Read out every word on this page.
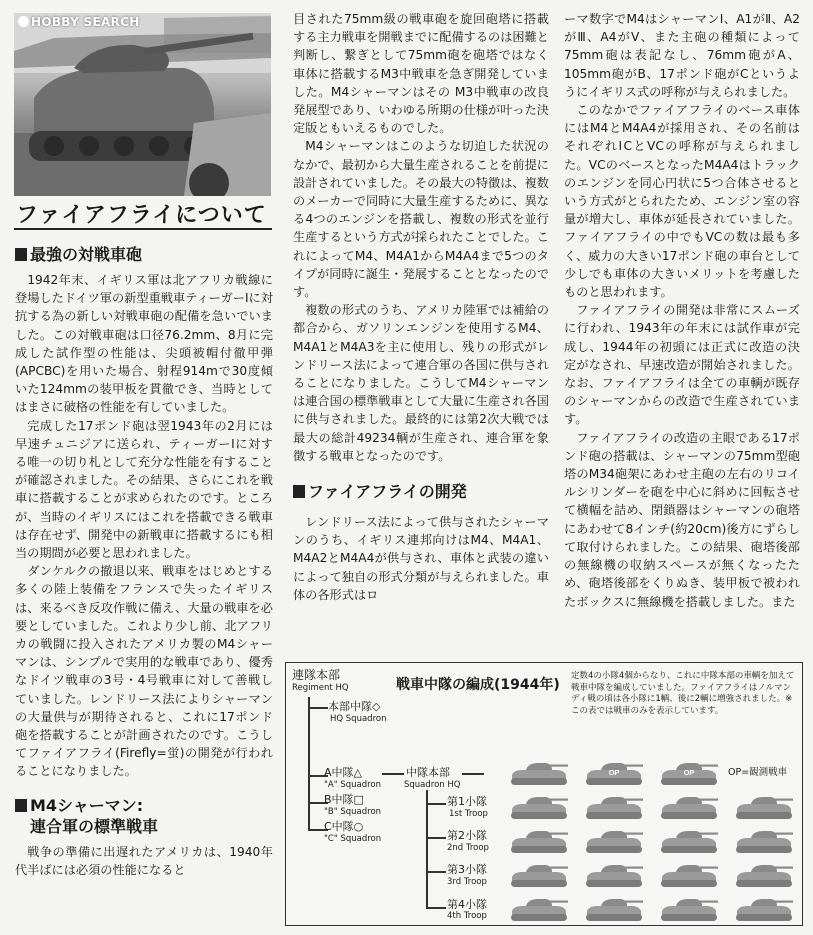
HOBBY SEARCH
ファイアフライについて
最強の対戦車砲

1942年末、イギリス軍は北アフリカ戦線に登場したドイツ軍の新型重戦車ティーガーⅠに対抗する為の新しい対戦車砲の配備を急いでいました。この対戦車砲は口径76.2mm、8月に完成した試作型の性能は、尖頭被帽付徹甲弾(APCBC)を用いた場合、射程914mで30度傾いた124mmの装甲板を貫徹でき、当時としてはまさに破格の性能を有していました。

完成した17ポンド砲は翌1943年の2月には早速チュニジアに送られ、ティーガーⅠに対する唯一の切り札として充分な性能を有することが確認されました。その結果、さらにこれを戦車に搭載することが求められたのです。ところが、当時のイギリスにはこれを搭載できる戦車は存在せず、開発中の新戦車に搭載するにも相当の期間が必要と思われました。

ダンケルクの撤退以来、戦車をはじめとする多くの陸上装備をフランスで失ったイギリスは、来るべき反攻作戦に備え、大量の戦車を必要としていました。これより少し前、北アフリカの戦闘に投入されたアメリカ製のM4シャーマンは、シンプルで実用的な戦車であり、優秀なドイツ戦車の3号・4号戦車に対して善戦していました。レンドリース法によりシャーマンの大量供与が期待されると、これに17ポンド砲を搭載することが計画されたのです。こうしてファイアフライ(Firefly=蛍)の開発が行われることになりました。

M4シャーマン:
連合軍の標準戦車

戦争の準備に出遅れたアメリカは、1940年代半ばには必須の性能になると

目された75mm級の戦車砲を旋回砲塔に搭載する主力戦車を開戦までに配備するのは困難と判断し、繋ぎとして75mm砲を砲塔ではなく車体に搭載するM3中戦車を急ぎ開発していました。M4シャーマンはその M3中戦車の改良発展型であり、いわゆる所期の仕様が叶った決定版ともいえるものでした。

M4シャーマンはこのような切迫した状況のなかで、最初から大量生産されることを前提に設計されていました。その最大の特徴は、複数のメーカーで同時に大量生産するために、異なる4つのエンジンを搭載し、複数の形式を並行生産するという方式が採られたことでした。これによってM4、M4A1からM4A4まで5つのタイプが同時に誕生・発展することとなったのです。

複数の形式のうち、アメリカ陸軍では補給の都合から、ガソリンエンジンを使用するM4、M4A1とM4A3を主に使用し、残りの形式がレンドリース法によって連合軍の各国に供与されることになりました。こうしてM4シャーマンは連合国の標準戦車として大量に生産され各国に供与されました。最終的には第2次大戦では最大の総計49234輌が生産され、連合軍を象徴する戦車となったのです。

ファイアフライの開発

レンドリース法によって供与されたシャーマンのうち、イギリス連邦向けはM4、M4A1、M4A2とM4A4が供与され、車体と武装の違いによって独自の形式分類が与えられました。車体の各形式はロ

ーマ数字でM4はシャーマンⅠ、A1がⅡ、A2がⅢ、A4がⅤ、また主砲の種類によって75mm砲は表記なし、76mm砲がA、105mm砲がB、17ポンド砲がCというようにイギリス式の呼称が与えられました。

このなかでファイアフライのベース車体にはM4とM4A4が採用され、その名前はそれぞれⅠCとVCの呼称が与えられました。VCのベースとなったM4A4はトラックのエンジンを同心円状に5つ合体させるという方式がとられたため、エンジン室の容量が増大し、車体が延長されていました。ファイアフライの中でもVCの数は最も多く、威力の大きい17ポンド砲の車台として少しでも車体の大きいメリットを考慮したものと思われます。

ファイアフライの開発は非常にスムーズに行われ、1943年の年末には試作車が完成し、1944年の初頭には正式に改造の決定がなされ、早速改造が開始されました。なお、ファイアフライは全ての車輌が既存のシャーマンからの改造で生産されています。

ファイアフライの改造の主眼である17ポンド砲の搭載は、シャーマンの75mm型砲塔のM34砲架にあわせ主砲の左右のリコイルシリンダーを砲を中心に斜めに回転させて横幅を詰め、閉鎖器はシャーマンの砲塔にあわせて8インチ(約20cm)後方にずらして取付けられました。この結果、砲塔後部の無線機の収納スペースが無くなったため、砲塔後部をくりぬき、装甲板で被われたボックスに無線機を搭載しました。また

連隊本部
Regiment HQ	戦車中隊の編成(1944年)
定数4の小隊4個からなり、これに中隊本部の車輌を加えて戦車中隊を編成していました。ファイアフライはノルマンディ戦の頃は各小隊に1輌、後に2輌に増強されました。※この表では戦車のみを表示しています。
本部中隊◇
HQ Squadron
A中隊△
"A" Squadron
B中隊□
"B" Squadron
C中隊○
"C" Squadron
中隊本部
Squadron HQ
第1小隊
1st Troop
第2小隊
2nd Troop
第3小隊
3rd Troop
第4小隊
4th Troop
OP=観測戦車
OP	OP
